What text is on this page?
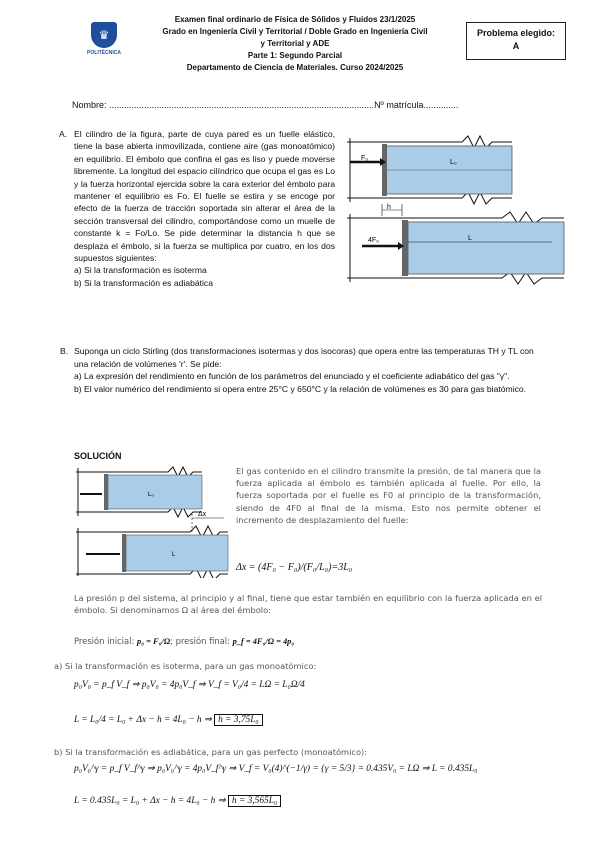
♛
POLITÉCNICA
Examen final ordinario de Física de Sólidos y Fluidos 23/1/2025
Grado en Ingeniería Civil y Territorial / Doble Grado en Ingeniería Civil
y Territorial y ADE
Parte 1: Segundo Parcial
Departamento de Ciencia de Materiales. Curso 2024/2025
Problema elegido:
A
Nombre: ..........................................................................................................Nº matrícula..............
A. El cilindro de la figura, parte de cuya pared es un fuelle elástico, tiene la base abierta inmovilizada, contiene aire (gas monoatómico) en equilibrio. El émbolo que confina el gas es liso y puede moverse libremente. La longitud del espacio cilíndrico que ocupa el gas es Lo y la fuerza horizontal ejercida sobre la cara exterior del émbolo para mantener el equilibrio es Fo. El fuelle se estira y se encoge por efecto de la fuerza de tracción soportada sin alterar el área de la sección transversal del cilindro, comportándose como un muelle de constante k = Fo/Lo. Se pide determinar la distancia h que se desplaza el émbolo, si la fuerza se multiplica por cuatro, en los dos supuestos siguientes:
a) Si la transformación es isoterma
b) Si la transformación es adiabática
F₀
L₀
h
4F₀	L
B. Suponga un ciclo Stirling (dos transformaciones isotermas y dos isocoras) que opera entre las temperaturas TH y TL con una relación de volúmenes 'r'. Se pide:
a) La expresión del rendimiento en función de los parámetros del enunciado y el coeficiente adiabático del gas "γ".
b) El valor numérico del rendimiento si opera entre 25°C y 650°C y la relación de volúmenes es 30 para gas biatómico.
SOLUCIÓN
L₀
Δx
L
El gas contenido en el cilindro transmite la presión, de tal manera que la fuerza aplicada al émbolo es también aplicada al fuelle. Por ello, la fuerza soportada por el fuelle es F0 al principio de la transformación, siendo de 4F0 al final de la misma. Esto nos permite obtener el incremento de desplazamiento del fuelle:
Δx = (4F₀ − F₀)/(F₀/L₀)=3L₀
La presión p del sistema, al principio y al final, tiene que estar también en equilibrio con la fuerza aplicada en el émbolo. Si denominamos Ω al área del émbolo:
Presión inicial: p₀ = F₀/Ω; presión final: p_f = 4F₀/Ω = 4p₀
a) Si la transformación es isoterma, para un gas monoatómico:
p₀V₀ = p_f V_f ⇒ p₀V₀ = 4p₀V_f ⇒ V_f = V₀/4 = LΩ = L₀Ω/4
L = L₀/4 = L₀ + Δx − h = 4L₀ − h ⇒ h = 3,75L₀
b) Si la transformación es adiabática, para un gas perfecto (monoatómico):
p₀V₀^γ = p_f V_f^γ ⇒ p₀V₀^γ = 4p₀V_f^γ ⇒ V_f = V₀(4)^(−1/γ) = {γ = 5/3} = 0.435V₀ = LΩ ⇒ L = 0.435L₀
L = 0.435L₀ = L₀ + Δx − h = 4L₀ − h ⇒ h = 3,565L₀
